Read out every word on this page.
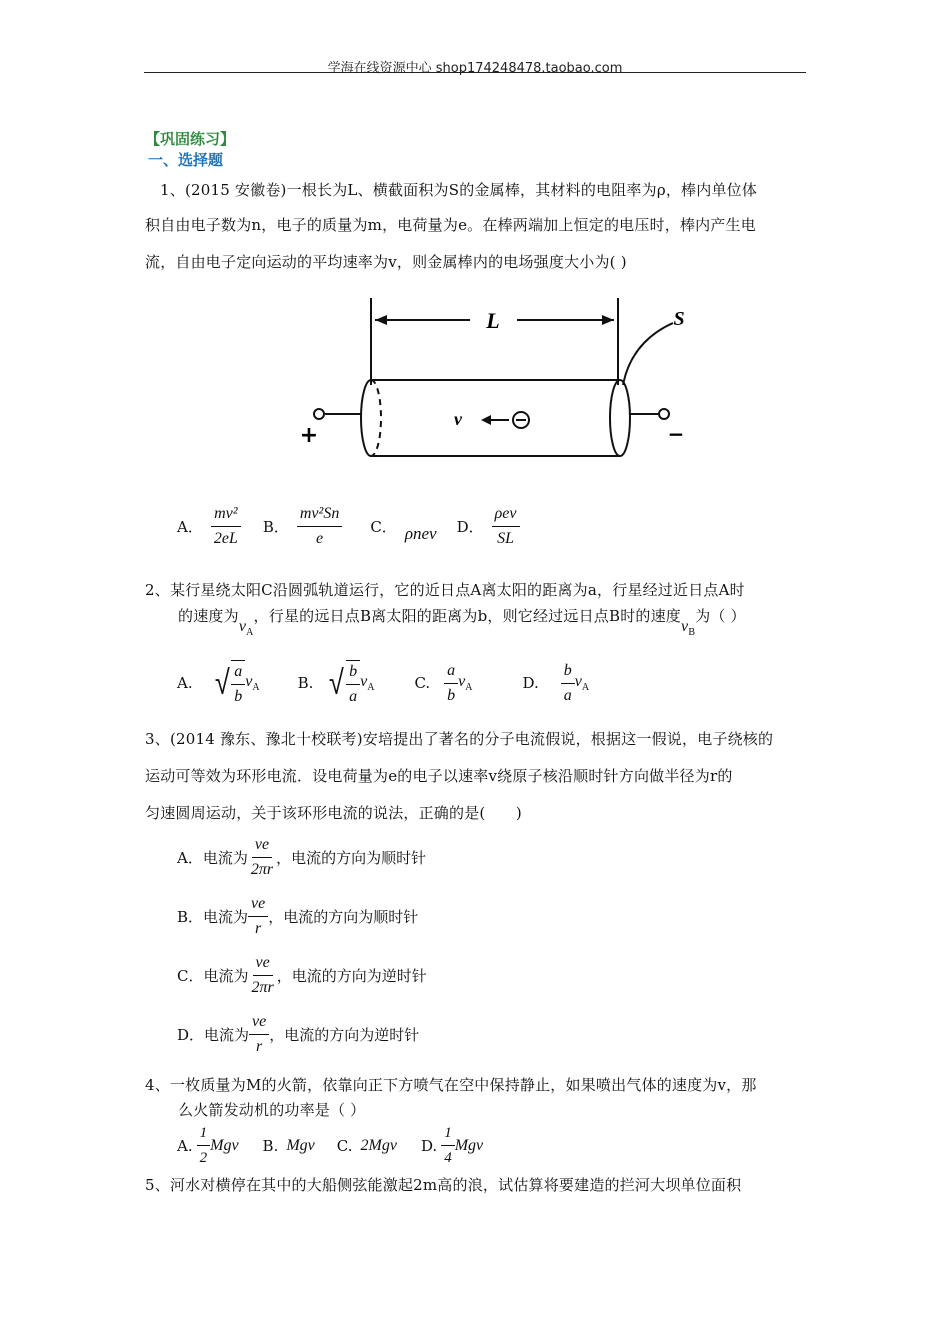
学海在线资源中心 shop174248478.taobao.com
【巩固练习】
一、选择题
1、(2015 安徽卷)一根长为L、横截面积为S的金属棒，其材料的电阻率为ρ，棒内单位体
积自由电子数为n，电子的质量为m，电荷量为e。在棒两端加上恒定的电压时，棒内产生电
流，自由电子定向运动的平均速率为v，则金属棒内的电场强度大小为( )
L	S
v
+	−
A． $\frac{\text{mv²}}{2eL}$ B． $\frac{\text{mv²Sn}}{e}$ C． ρnev D． $\frac{\text{ρev}}{SL}$
2、某行星绕太阳C沿圆弧轨道运行，它的近日点A离太阳的距离为a，行星经过近日点A时
的速度为$v_A$，行星的远日点B离太阳的距离为b，则它经过远日点B时的速度$v_B$为（ ）
A. √ $\frac{a}{b} v_A$	B. √ $\frac{b}{a} v_A$	C. $\frac{a}{b} v_A$	D. $\frac{b}{a} v_A$
3、(2014 豫东、豫北十校联考)安培提出了著名的分子电流假说，根据这一假说，电子绕核的
运动可等效为环形电流．设电荷量为e的电子以速率v绕原子核沿顺时针方向做半径为r的
匀速圆周运动，关于该环形电流的说法，正确的是(　　)
A．电流为 $\frac{ve}{2\pi r}$ ，电流的方向为顺时针
B．电流为 $\frac{ve}{r}$ ，电流的方向为顺时针
C．电流为 $\frac{ve}{2\pi r}$ ，电流的方向为逆时针
D．电流为 $\frac{ve}{r}$ ，电流的方向为逆时针
4、一枚质量为M的火箭，依靠向正下方喷气在空中保持静止，如果喷出气体的速度为v，那
么火箭发动机的功率是（ ）
A. $\frac{1}{2}$ Mgv B. Mgv C. 2Mgv D. $\frac{1}{4}$ Mgv
5、河水对横停在其中的大船侧弦能激起2m高的浪，试估算将要建造的拦河大坝单位面积
